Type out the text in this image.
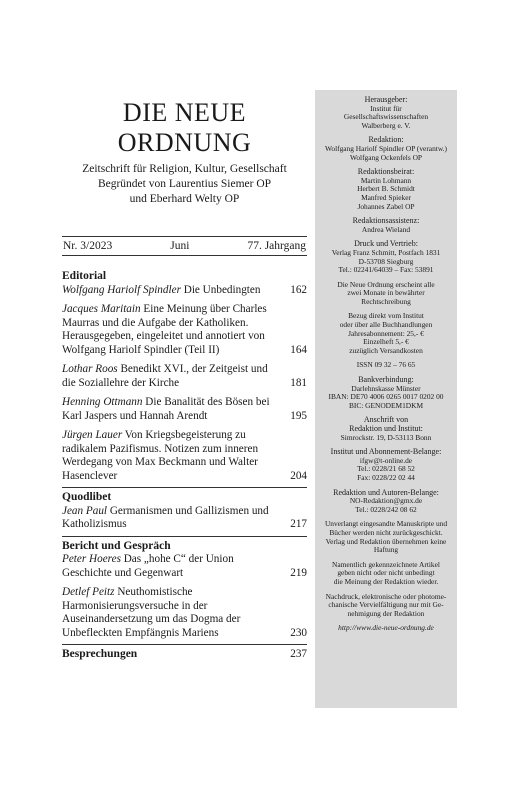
DIE NEUE
ORDNUNG
Zeitschrift für Religion, Kultur, Gesellschaft
Begründet von Laurentius Siemer OP
und Eberhard Welty OP
Nr. 3/2023	Juni	77. Jahrgang
Editorial
Wolfgang Hariolf Spindler Die Unbedingten	162
Jacques Maritain Eine Meinung über Charles Maurras und die Aufgabe der Katholiken. Herausgegeben, eingeleitet und annotiert von Wolfgang Hariolf Spindler (Teil II)	164
Lothar Roos Benedikt XVI., der Zeitgeist und die Soziallehre der Kirche	181
Henning Ottmann Die Banalität des Bösen bei Karl Jaspers und Hannah Arendt	195
Jürgen Lauer Von Kriegsbegeisterung zu radikalem Pazifismus. Notizen zum inneren Werdegang von Max Beckmann und Walter Hasenclever	204
Quodlibet
Jean Paul Germanismen und Gallizismen und Katholizismus	217
Bericht und Gespräch
Peter Hoeres Das „hohe C“ der Union Geschichte und Gegenwart	219
Detlef Peitz Neuthomistische Harmonisierungsversuche in der Auseinandersetzung um das Dogma der Unbefleckten Empfängnis Mariens	230
Besprechungen	237
Herausgeber:
Institut für
Gesellschaftswissenschaften
Walberberg e. V.
Redaktion:
Wolfgang Hariolf Spindler OP (verantw.)
Wolfgang Ockenfels OP
Redaktionsbeirat:
Martin Lohmann
Herbert B. Schmidt
Manfred Spieker
Johannes Zabel OP
Redaktionsassistenz:
Andrea Wieland
Druck und Vertrieb:
Verlag Franz Schmitt, Postfach 1831
D-53708 Siegburg
Tel.: 02241/64039 – Fax: 53891
Die Neue Ordnung erscheint alle
zwei Monate in bewährter
Rechtschreibung
Bezug direkt vom Institut
oder über alle Buchhandlungen
Jahresabonnement: 25,- €
Einzelheft 5,- €
zuzüglich Versandkosten
ISSN 09 32 – 76 65
Bankverbindung:
Darlehnskasse Münster
IBAN: DE70 4006 0265 0017 0202 00
BIC: GENODEM1DKM
Anschrift von
Redaktion und Institut:
Simrockstr. 19, D-53113 Bonn
Institut und Abonnement-Belange:
ifgw@t-online.de
Tel.: 0228/21 68 52
Fax: 0228/22 02 44
Redaktion und Autoren-Belange:
NO-Redaktion@gmx.de
Tel.: 0228/242 08 62
Unverlangt eingesandte Manuskripte und
Bücher werden nicht zurückgeschickt.
Verlag und Redaktion übernehmen keine
Haftung
Namentlich gekennzeichnete Artikel
geben nicht oder nicht unbedingt
die Meinung der Redaktion wieder.
Nachdruck, elektronische oder photome-
chanische Vervielfältigung nur mit Ge-
nehmigung der Redaktion
http://www.die-neue-ordnung.de
